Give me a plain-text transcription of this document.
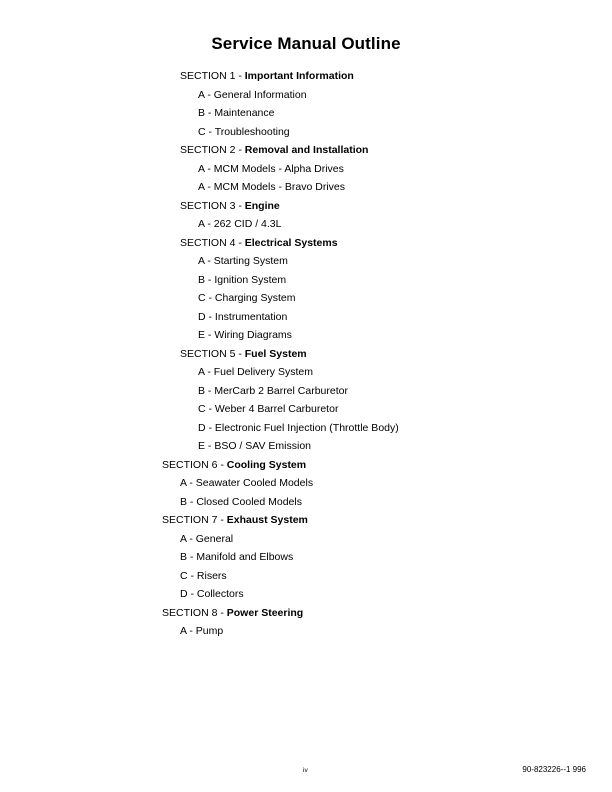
Service Manual Outline
SECTION 1 - Important Information
A - General Information
B - Maintenance
C - Troubleshooting
SECTION 2 - Removal and Installation
A - MCM Models - Alpha Drives
A - MCM Models - Bravo Drives
SECTION 3 - Engine
A - 262 CID / 4.3L
SECTION 4 - Electrical Systems
A - Starting System
B - Ignition System
C - Charging System
D - Instrumentation
E - Wiring Diagrams
SECTION 5 - Fuel System
A - Fuel Delivery System
B - MerCarb 2 Barrel Carburetor
C - Weber 4 Barrel Carburetor
D - Electronic Fuel Injection (Throttle Body)
E - BSO / SAV Emission
SECTION 6 - Cooling System
A - Seawater Cooled Models
B - Closed Cooled Models
SECTION 7 - Exhaust System
A - General
B - Manifold and Elbows
C - Risers
D - Collectors
SECTION 8 - Power Steering
A - Pump
iv	90-823226--1 996
